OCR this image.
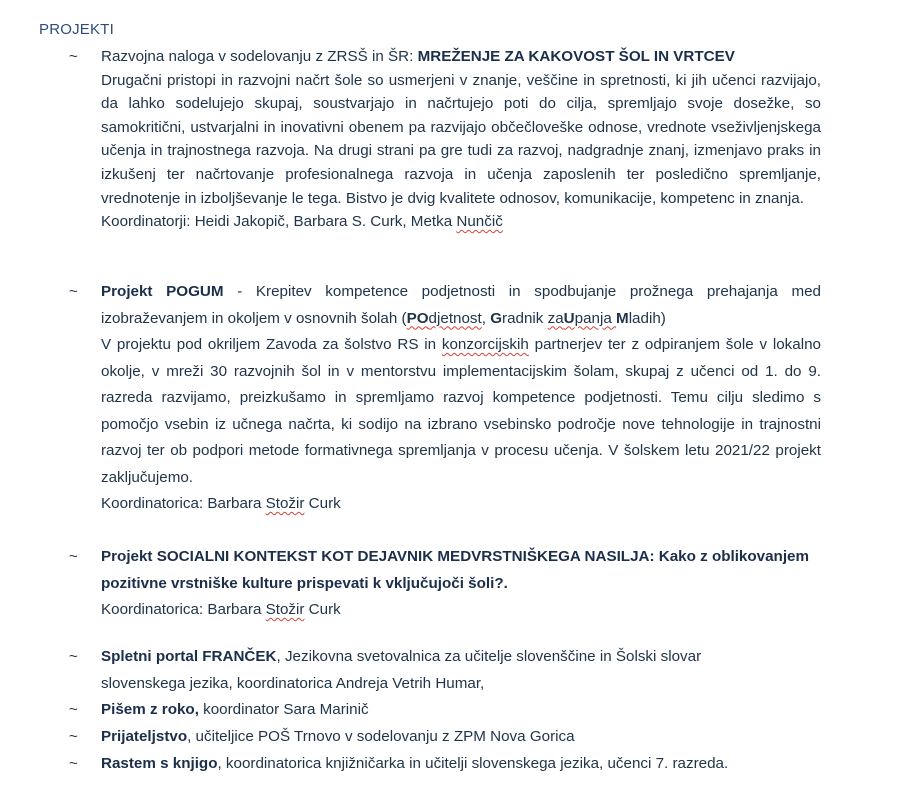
PROJEKTI
~	Razvojna naloga v sodelovanju z ZRSŠ in ŠR: MREŽENJE ZA KAKOVOST ŠOL IN VRTCEV
Drugačni pristopi in razvojni načrt šole so usmerjeni v znanje, veščine in spretnosti, ki jih učenci razvijajo, da lahko sodelujejo skupaj, soustvarjajo in načrtujejo poti do cilja, spremljajo svoje dosežke, so samokritični, ustvarjalni in inovativni obenem pa razvijajo občečloveške odnose, vrednote vseživljenjskega učenja in trajnostnega razvoja. Na drugi strani pa gre tudi za razvoj, nadgradnje znanj, izmenjavo praks in izkušenj ter načrtovanje profesionalnega razvoja in učenja zaposlenih ter posledično spremljanje, vrednotenje in izboljševanje le tega. Bistvo je dvig kvalitete odnosov, komunikacije, kompetenc in znanja.
Koordinatorji: Heidi Jakopič, Barbara S. Curk, Metka Nunčič
~	Projekt POGUM - Krepitev kompetence podjetnosti in spodbujanje prožnega prehajanja med izobraževanjem in okoljem v osnovnih šolah (POdjetnost, Gradnik zaUpanja Mladih)
V projektu pod okriljem Zavoda za šolstvo RS in konzorcijskih partnerjev ter z odpiranjem šole v lokalno okolje, v mreži 30 razvojnih šol in v mentorstvu implementacijskim šolam, skupaj z učenci od 1. do 9. razreda razvijamo, preizkušamo in spremljamo razvoj kompetence podjetnosti. Temu cilju sledimo s pomočjo vsebin iz učnega načrta, ki sodijo na izbrano vsebinsko področje nove tehnologije in trajnostni razvoj ter ob podpori metode formativnega spremljanja v procesu učenja. V šolskem letu 2021/22 projekt zaključujemo.
Koordinatorica: Barbara Stožir Curk
~	Projekt SOCIALNI KONTEKST KOT DEJAVNIK MEDVRSTNIŠKEGA NASILJA: Kako z oblikovanjem pozitivne vrstniške kulture prispevati k vključujoči šoli?.
Koordinatorica: Barbara Stožir Curk
~	Spletni portal FRANČEK, Jezikovna svetovalnica za učitelje slovenščine in Šolski slovar slovenskega jezika, koordinatorica Andreja Vetrih Humar,
~	Pišem z roko, koordinator Sara Marinič
~	Prijateljstvo, učiteljice POŠ Trnovo v sodelovanju z ZPM Nova Gorica
~	Rastem s knjigo, koordinatorica knjižničarka in učitelji slovenskega jezika, učenci 7. razreda.
